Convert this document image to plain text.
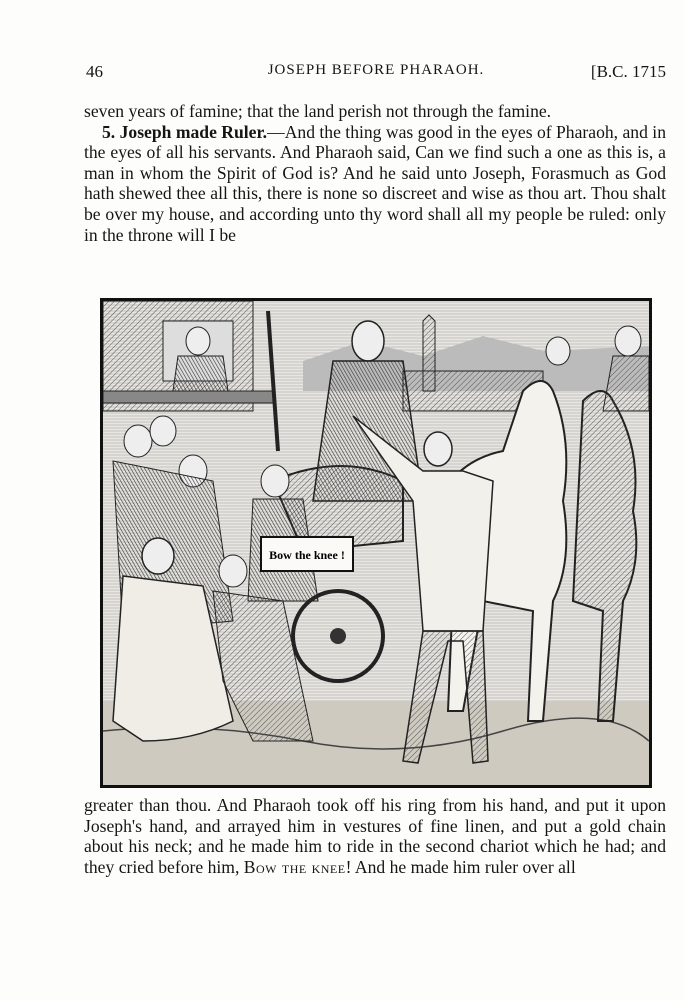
46	JOSEPH BEFORE PHARAOH.	[B.C. 1715

seven years of famine; that the land perish not through the famine.

5. Joseph made Ruler.—And the thing was good in the eyes of Pharaoh, and in the eyes of all his servants. And Pharaoh said, Can we find such a one as this is, a man in whom the Spirit of God is? And he said unto Joseph, Forasmuch as God hath shewed thee all this, there is none so discreet and wise as thou art. Thou shalt be over my house, and according unto thy word shall all my people be ruled: only in the throne will I be

Bow the knee !

greater than thou. And Pharaoh took off his ring from his hand, and put it upon Joseph's hand, and arrayed him in vestures of fine linen, and put a gold chain about his neck; and he made him to ride in the second chariot which he had; and they cried before him, Bow the knee! And he made him ruler over all
